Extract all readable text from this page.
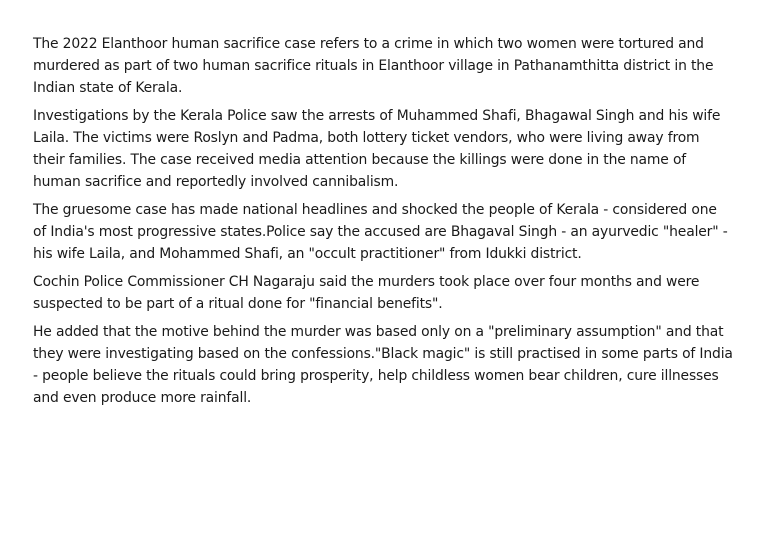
The 2022 Elanthoor human sacrifice case refers to a crime in which two women were tortured and murdered as part of two human sacrifice rituals in Elanthoor village in Pathanamthitta district in the Indian state of Kerala.

Investigations by the Kerala Police saw the arrests of Muhammed Shafi, Bhagawal Singh and his wife Laila. The victims were Roslyn and Padma, both lottery ticket vendors, who were living away from their families. The case received media attention because the killings were done in the name of human sacrifice and reportedly involved cannibalism.

The gruesome case has made national headlines and shocked the people of Kerala - considered one of India's most progressive states.Police say the accused are Bhagaval Singh - an ayurvedic "healer" - his wife Laila, and Mohammed Shafi, an "occult practitioner" from Idukki district.

Cochin Police Commissioner CH Nagaraju said the murders took place over four months and were suspected to be part of a ritual done for "financial benefits".

He added that the motive behind the murder was based only on a "preliminary assumption" and that they were investigating based on the confessions."Black magic" is still practised in some parts of India - people believe the rituals could bring prosperity, help childless women bear children, cure illnesses and even produce more rainfall.
